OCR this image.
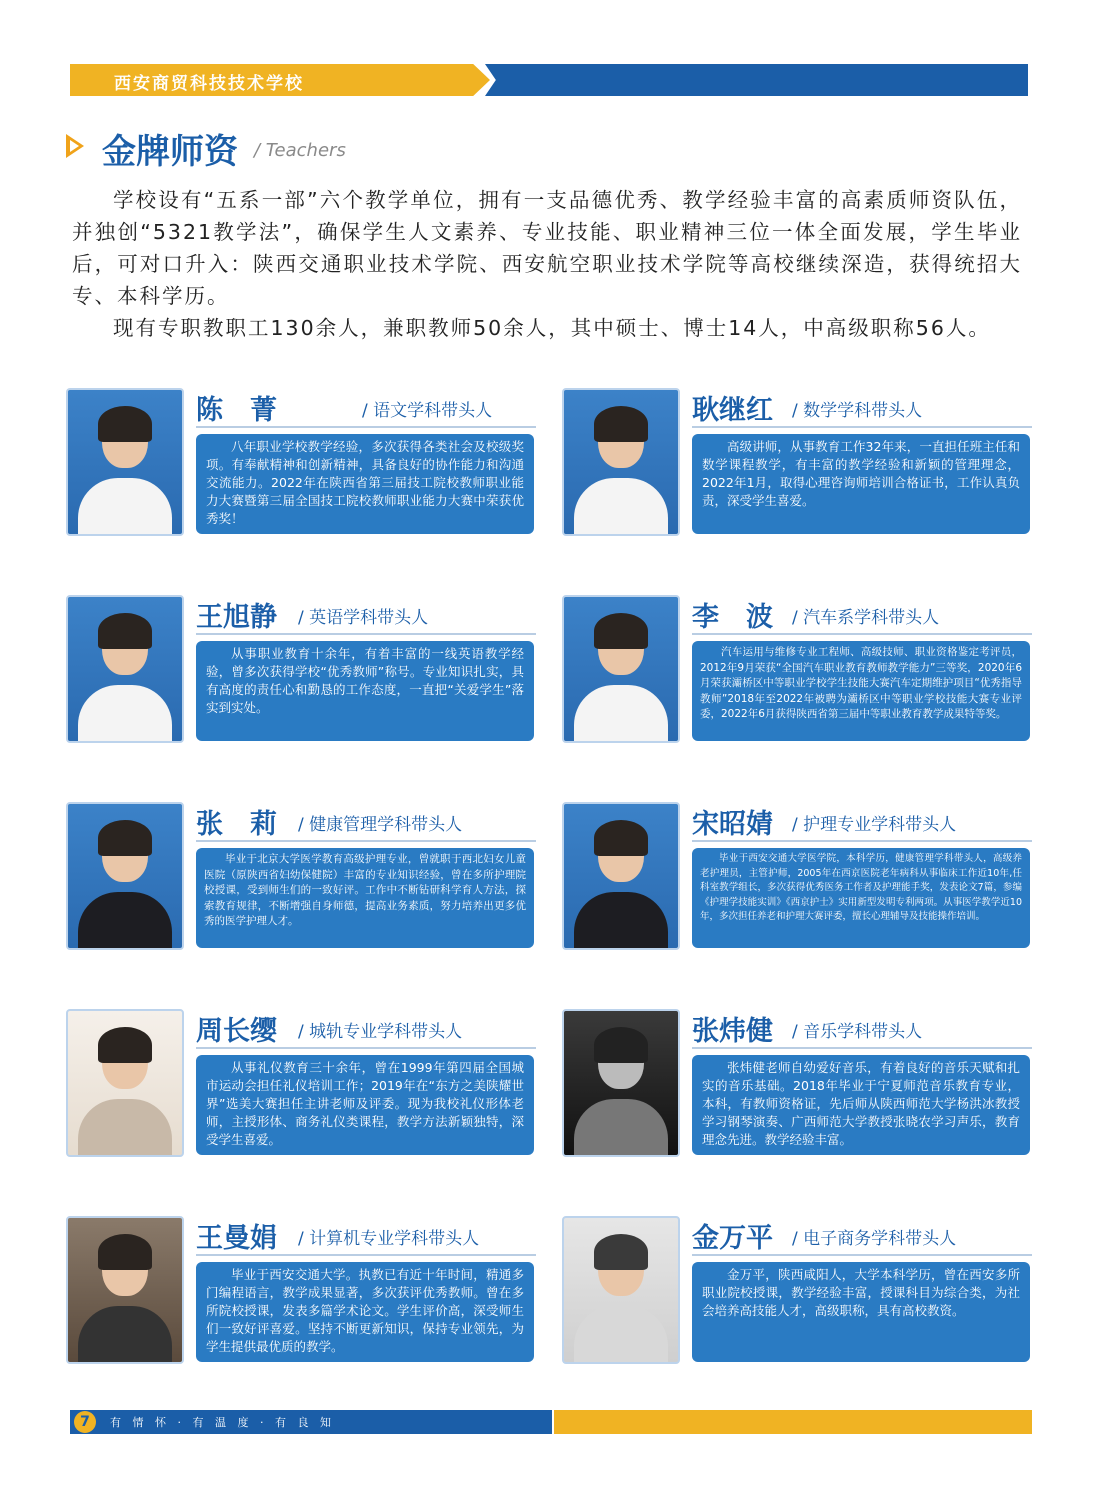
西安商贸科技技术学校
金牌师资 / Teachers

学校设有“五系一部”六个教学单位，拥有一支品德优秀、教学经验丰富的高素质师资队伍，并独创“5321教学法”，确保学生人文素养、专业技能、职业精神三位一体全面发展，学生毕业后，可对口升入：陕西交通职业技术学院、西安航空职业技术学院等高校继续深造，获得统招大专、本科学历。

现有专职教职工130余人，兼职教师50余人，其中硕士、博士14人，中高级职称56人。

陈　菁	/ 语文学科带头人
八年职业学校教学经验，多次获得各类社会及校级奖项。有奉献精神和创新精神，具备良好的协作能力和沟通交流能力。2022年在陕西省第三届技工院校教师职业能力大赛暨第三届全国技工院校教师职业能力大赛中荣获优秀奖！
耿继红 / 数学学科带头人
高级讲师，从事教育工作32年来，一直担任班主任和数学课程教学，有丰富的教学经验和新颖的管理理念，2022年1月，取得心理咨询师培训合格证书，工作认真负责，深受学生喜爱。
王旭静 / 英语学科带头人
从事职业教育十余年，有着丰富的一线英语教学经验，曾多次获得学校“优秀教师”称号。专业知识扎实，具有高度的责任心和勤恳的工作态度，一直把“关爱学生”落实到实处。
李　波 / 汽车系学科带头人
汽车运用与维修专业工程师、高级技师、职业资格鉴定考评员，2012年9月荣获“全国汽车职业教育教师教学能力”三等奖，2020年6月荣获灞桥区中等职业学校学生技能大赛汽车定期维护项目“优秀指导教师”2018年至2022年被聘为灞桥区中等职业学校技能大赛专业评委，2022年6月获得陕西省第三届中等职业教育教学成果特等奖。
张　莉 / 健康管理学科带头人
毕业于北京大学医学教育高级护理专业，曾就职于西北妇女儿童医院（原陕西省妇幼保健院）丰富的专业知识经验，曾在多所护理院校授课，受到师生们的一致好评。工作中不断钻研科学育人方法，探索教育规律，不断增强自身师德，提高业务素质，努力培养出更多优秀的医学护理人才。
宋昭婧 / 护理专业学科带头人
毕业于西安交通大学医学院，本科学历，健康管理学科带头人，高级养老护理员，主管护师，2005年在西京医院老年病科从事临床工作近10年,任科室教学组长，多次获得优秀医务工作者及护理能手奖，发表论文7篇，参编《护理学技能实训》《西京护士》实用新型发明专利两项。从事医学教学近10年，多次担任养老和护理大赛评委，擅长心理辅导及技能操作培训。
周长缨 / 城轨专业学科带头人
从事礼仪教育三十余年，曾在1999年第四届全国城市运动会担任礼仪培训工作；2019年在“东方之美陕耀世界”选美大赛担任主讲老师及评委。现为我校礼仪形体老师，主授形体、商务礼仪类课程，教学方法新颖独特，深受学生喜爱。
张炜健 / 音乐学科带头人
张炜健老师自幼爱好音乐，有着良好的音乐天赋和扎实的音乐基础。2018年毕业于宁夏师范音乐教育专业，本科，有教师资格证，先后师从陕西师范大学杨洪冰教授学习钢琴演奏、广西师范大学教授张晓农学习声乐，教育理念先进。教学经验丰富。
王曼娟 / 计算机专业学科带头人
毕业于西安交通大学。执教已有近十年时间，精通多门编程语言，教学成果显著，多次获评优秀教师。曾在多所院校授课，发表多篇学术论文。学生评价高，深受师生们一致好评喜爱。坚持不断更新知识，保持专业领先，为学生提供最优质的教学。
金万平 / 电子商务学科带头人
金万平，陕西咸阳人，大学本科学历，曾在西安多所职业院校授课，教学经验丰富，授课科目为综合类，为社会培养高技能人才，高级职称，具有高校教资。
7	有 情 怀 · 有 温 度 · 有 良 知
